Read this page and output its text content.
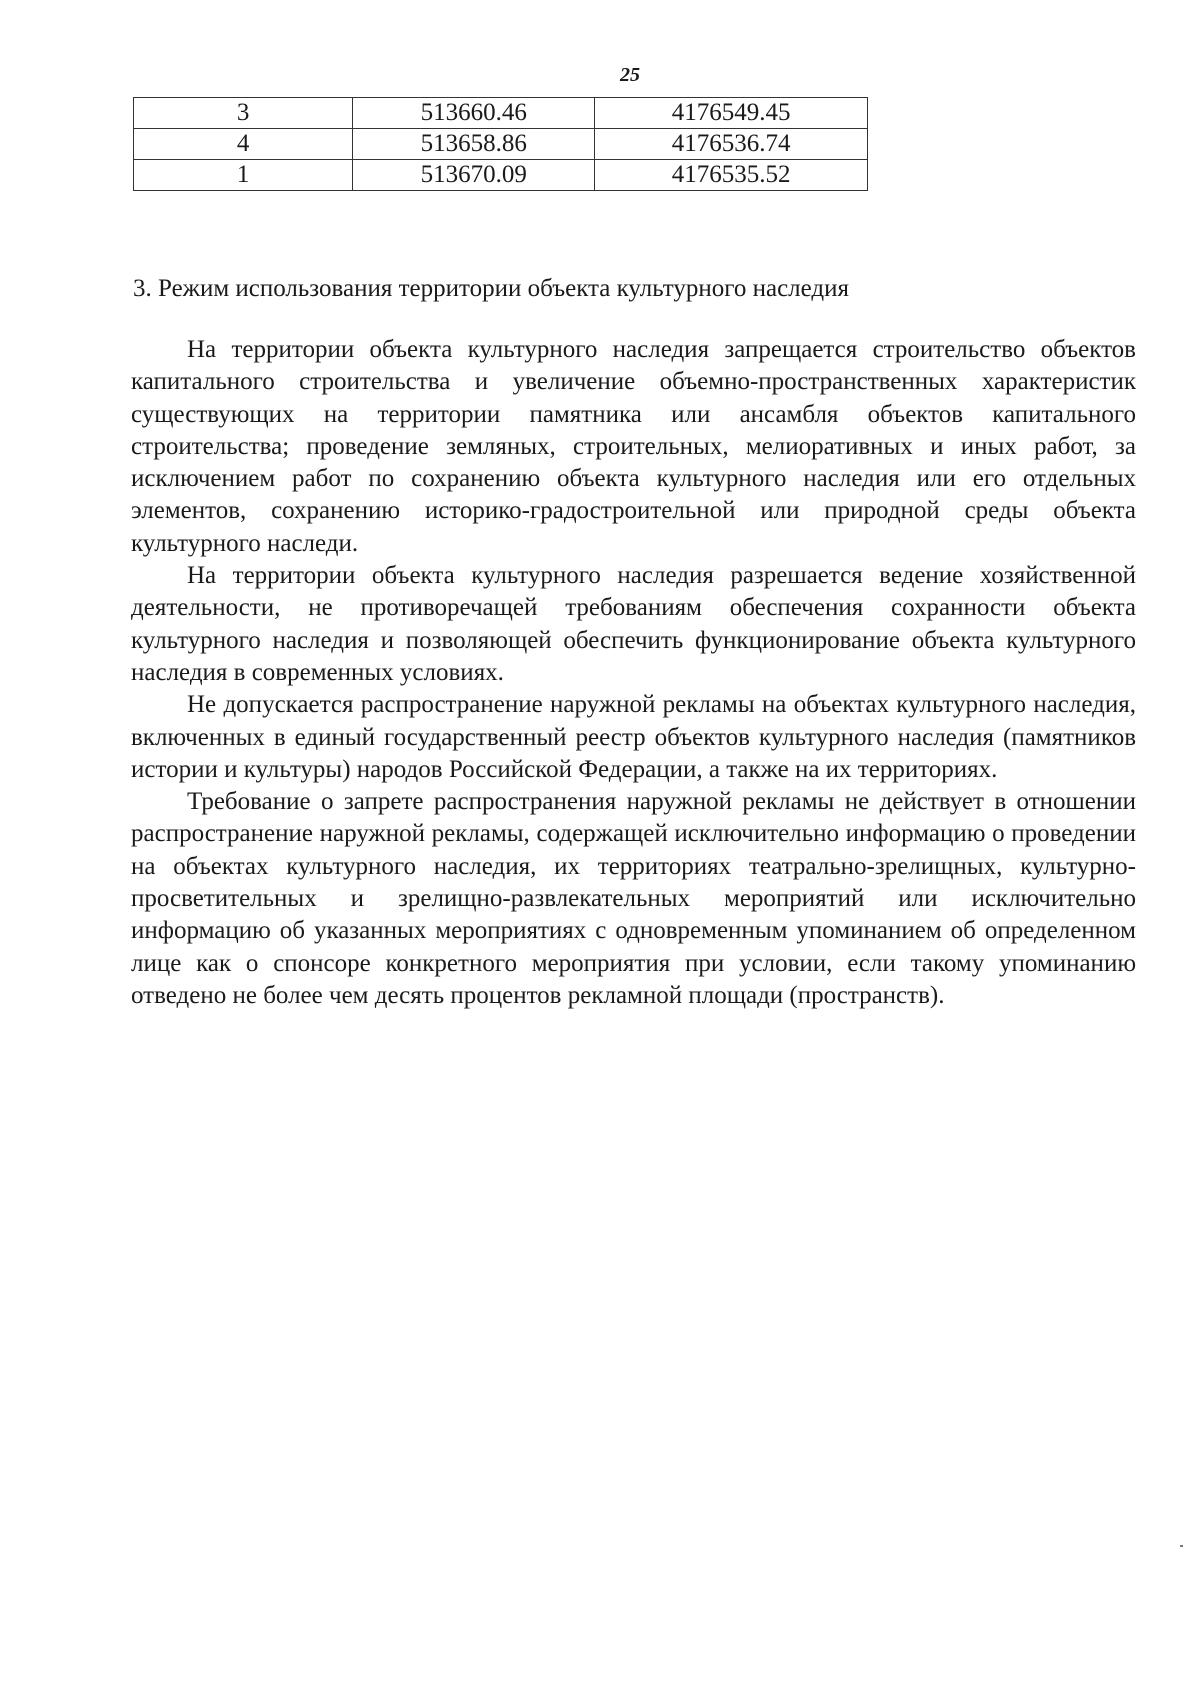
25
3	513660.46	4176549.45
4	513658.86	4176536.74
1	513670.09	4176535.52
3. Режим использования территории объекта культурного наследия

На территории объекта культурного наследия запрещается строительство объектов капитального строительства и увеличение объемно-пространственных характеристик существующих на территории памятника или ансамбля объектов капитального строительства; проведение земляных, строительных, мелиоративных и иных работ, за исключением работ по сохранению объекта культурного наследия или его отдельных элементов, сохранению историко-градостроительной или природной среды объекта культурного наследи.

На территории объекта культурного наследия разрешается ведение хозяйственной деятельности, не противоречащей требованиям обеспечения сохранности объекта культурного наследия и позволяющей обеспечить функционирование объекта культурного наследия в современных условиях.

Не допускается распространение наружной рекламы на объектах культурного наследия, включенных в единый государственный реестр объектов культурного наследия (памятников истории и культуры) народов Российской Федерации, а также на их территориях.

Требование о запрете распространения наружной рекламы не действует в отношении распространение наружной рекламы, содержащей исключительно информацию о проведении на объектах культурного наследия, их территориях театрально-зрелищных, культурно-просветительных и зрелищно-развлекательных мероприятий или исключительно информацию об указанных мероприятиях с одновременным упоминанием об определенном лице как о спонсоре конкретного мероприятия при условии, если такому упоминанию отведено не более чем десять процентов рекламной площади (пространств).
